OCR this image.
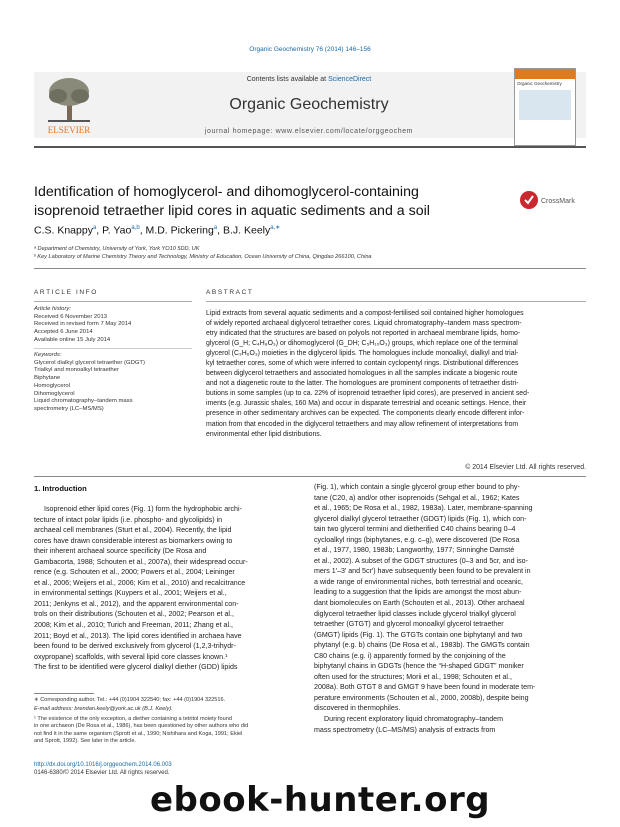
Organic Geochemistry 76 (2014) 146–156
ELSEVIER
Contents lists available at ScienceDirect
Organic Geochemistry
journal homepage: www.elsevier.com/locate/orggeochem
Organic Geochemistry
Identification of homoglycerol- and dihomoglycerol-containing
isoprenoid tetraether lipid cores in aquatic sediments and a soil
CrossMark
C.S. Knappy$^a$, P. Yao$^{a,b}$, M.D. Pickering$^a$, B.J. Keely$^{a,∗}$
ᵃ Department of Chemistry, University of York, York YO10 5DD, UK
ᵇ Key Laboratory of Marine Chemistry Theory and Technology, Ministry of Education, Ocean University of China, Qingdao 266100, China
ARTICLE INFO
Article history:
Received 6 November 2013
Received in revised form 7 May 2014
Accepted 6 June 2014
Available online 15 July 2014
Keywords:
Glycerol dialkyl glycerol tetraether (GDGT)
Trialkyl and monoalkyl tetraether
Biphytane
Homoglycerol
Dihomoglycerol
Liquid chromatography–tandem mass
spectrometry (LC–MS/MS)
ABSTRACT
Lipid extracts from several aquatic sediments and a compost-fertilised soil contained higher homologues
of widely reported archaeal diglycerol tetraether cores. Liquid chromatography–tandem mass spectrom-
etry indicated that the structures are based on polyols not reported in archaeal membrane lipids, homo-
glycerol (G_H; C₄H₈O₃) or dihomoglycerol (G_DH; C₅H₁₀O₃) groups, which replace one of the terminal
glycerol (C₃H₆O₃) moieties in the diglycerol lipids. The homologues include monoalkyl, dialkyl and trial-
kyl tetraether cores, some of which were inferred to contain cyclopentyl rings. Distributional differences
between diglycerol tetraethers and associated homologues in all the samples indicate a biogenic route
and not a diagenetic route to the latter. The homologues are prominent components of tetraether distri-
butions in some samples (up to ca. 22% of isoprenoid tetraether lipid cores), are preserved in ancient sed-
iments (e.g. Jurassic shales, 160 Ma) and occur in disparate terrestrial and oceanic settings. Hence, their
presence in other sedimentary archives can be expected. The components clearly encode different infor-
mation from that encoded in the diglycerol tetraethers and may allow refinement of interpretations from
environmental ether lipid distributions.
© 2014 Elsevier Ltd. All rights reserved.
1. Introduction

Isoprenoid ether lipid cores (Fig. 1) form the hydrophobic archi-

tecture of intact polar lipids (i.e. phospho- and glycolipids) in

archaeal cell membranes (Sturt et al., 2004). Recently, the lipid

cores have drawn considerable interest as biomarkers owing to

their inherent archaeal source specificity (De Rosa and

Gambacorta, 1988; Schouten et al., 2007a), their widespread occur-

rence (e.g. Schouten et al., 2000; Powers et al., 2004; Leininger

et al., 2006; Weijers et al., 2006; Kim et al., 2010) and recalcitrance

in environmental settings (Kuypers et al., 2001; Weijers et al.,

2011; Jenkyns et al., 2012), and the apparent environmental con-

trols on their distributions (Schouten et al., 2002; Pearson et al.,

2008; Kim et al., 2010; Turich and Freeman, 2011; Zhang et al.,

2011; Boyd et al., 2013). The lipid cores identified in archaea have

been found to be derived exclusively from glycerol (1,2,3-trihydr-

oxypropane) scaffolds, with several lipid core classes known.¹

The first to be identified were glycerol dialkyl diether (GDD) lipids

(Fig. 1), which contain a single glycerol group ether bound to phy-

tane (C20, a) and/or other isoprenoids (Sehgal et al., 1962; Kates

et al., 1965; De Rosa et al., 1982, 1983a). Later, membrane-spanning

glycerol dialkyl glycerol tetraether (GDGT) lipids (Fig. 1), which con-

tain two glycerol termini and dietherified C40 chains bearing 0–4

cycloalkyl rings (biphytanes, e.g. c–g), were discovered (De Rosa

et al., 1977, 1980, 1983b; Langworthy, 1977; Sinninghe Damsté

et al., 2002). A subset of the GDGT structures (0–3 and 5cr, and iso-

mers 1′–3′ and 5cr′) have subsequently been found to be prevalent in

a wide range of environmental niches, both terrestrial and oceanic,

leading to a suggestion that the lipids are amongst the most abun-

dant biomolecules on Earth (Schouten et al., 2013). Other archaeal

diglycerol tetraether lipid classes include glycerol trialkyl glycerol

tetraether (GTGT) and glycerol monoalkyl glycerol tetraether

(GMGT) lipids (Fig. 1). The GTGTs contain one biphytanyl and two

phytanyl (e.g. b) chains (De Rosa et al., 1983b). The GMGTs contain

C80 chains (e.g. i) apparently formed by the conjoining of the

biphytanyl chains in GDGTs (hence the “H-shaped GDGT” moniker

often used for the structures; Morii et al., 1998; Schouten et al.,

2008a). Both GTGT 8 and GMGT 9 have been found in moderate tem-

perature environments (Schouten et al., 2000, 2008b), despite being

discovered in thermophiles.

During recent exploratory liquid chromatography–tandem

mass spectrometry (LC–MS/MS) analysis of extracts from

∗ Corresponding author. Tel.: +44 (0)1904 322540; fax: +44 (0)1904 322516.
E-mail address: brendan.keely@york.ac.uk (B.J. Keely).
¹ The existence of the only exception, a diether containing a tetritol moiety found
in one archaeon (De Rosa et al., 1986), has been questioned by other authors who did
not find it in the same organism (Sprott et al., 1990; Nishihara and Koga, 1991; Ekiel
and Sprott, 1992). See later in the article.
http://dx.doi.org/10.1016/j.orggeochem.2014.06.003
0146-6380/© 2014 Elsevier Ltd. All rights reserved.
ebook-hunter.org
